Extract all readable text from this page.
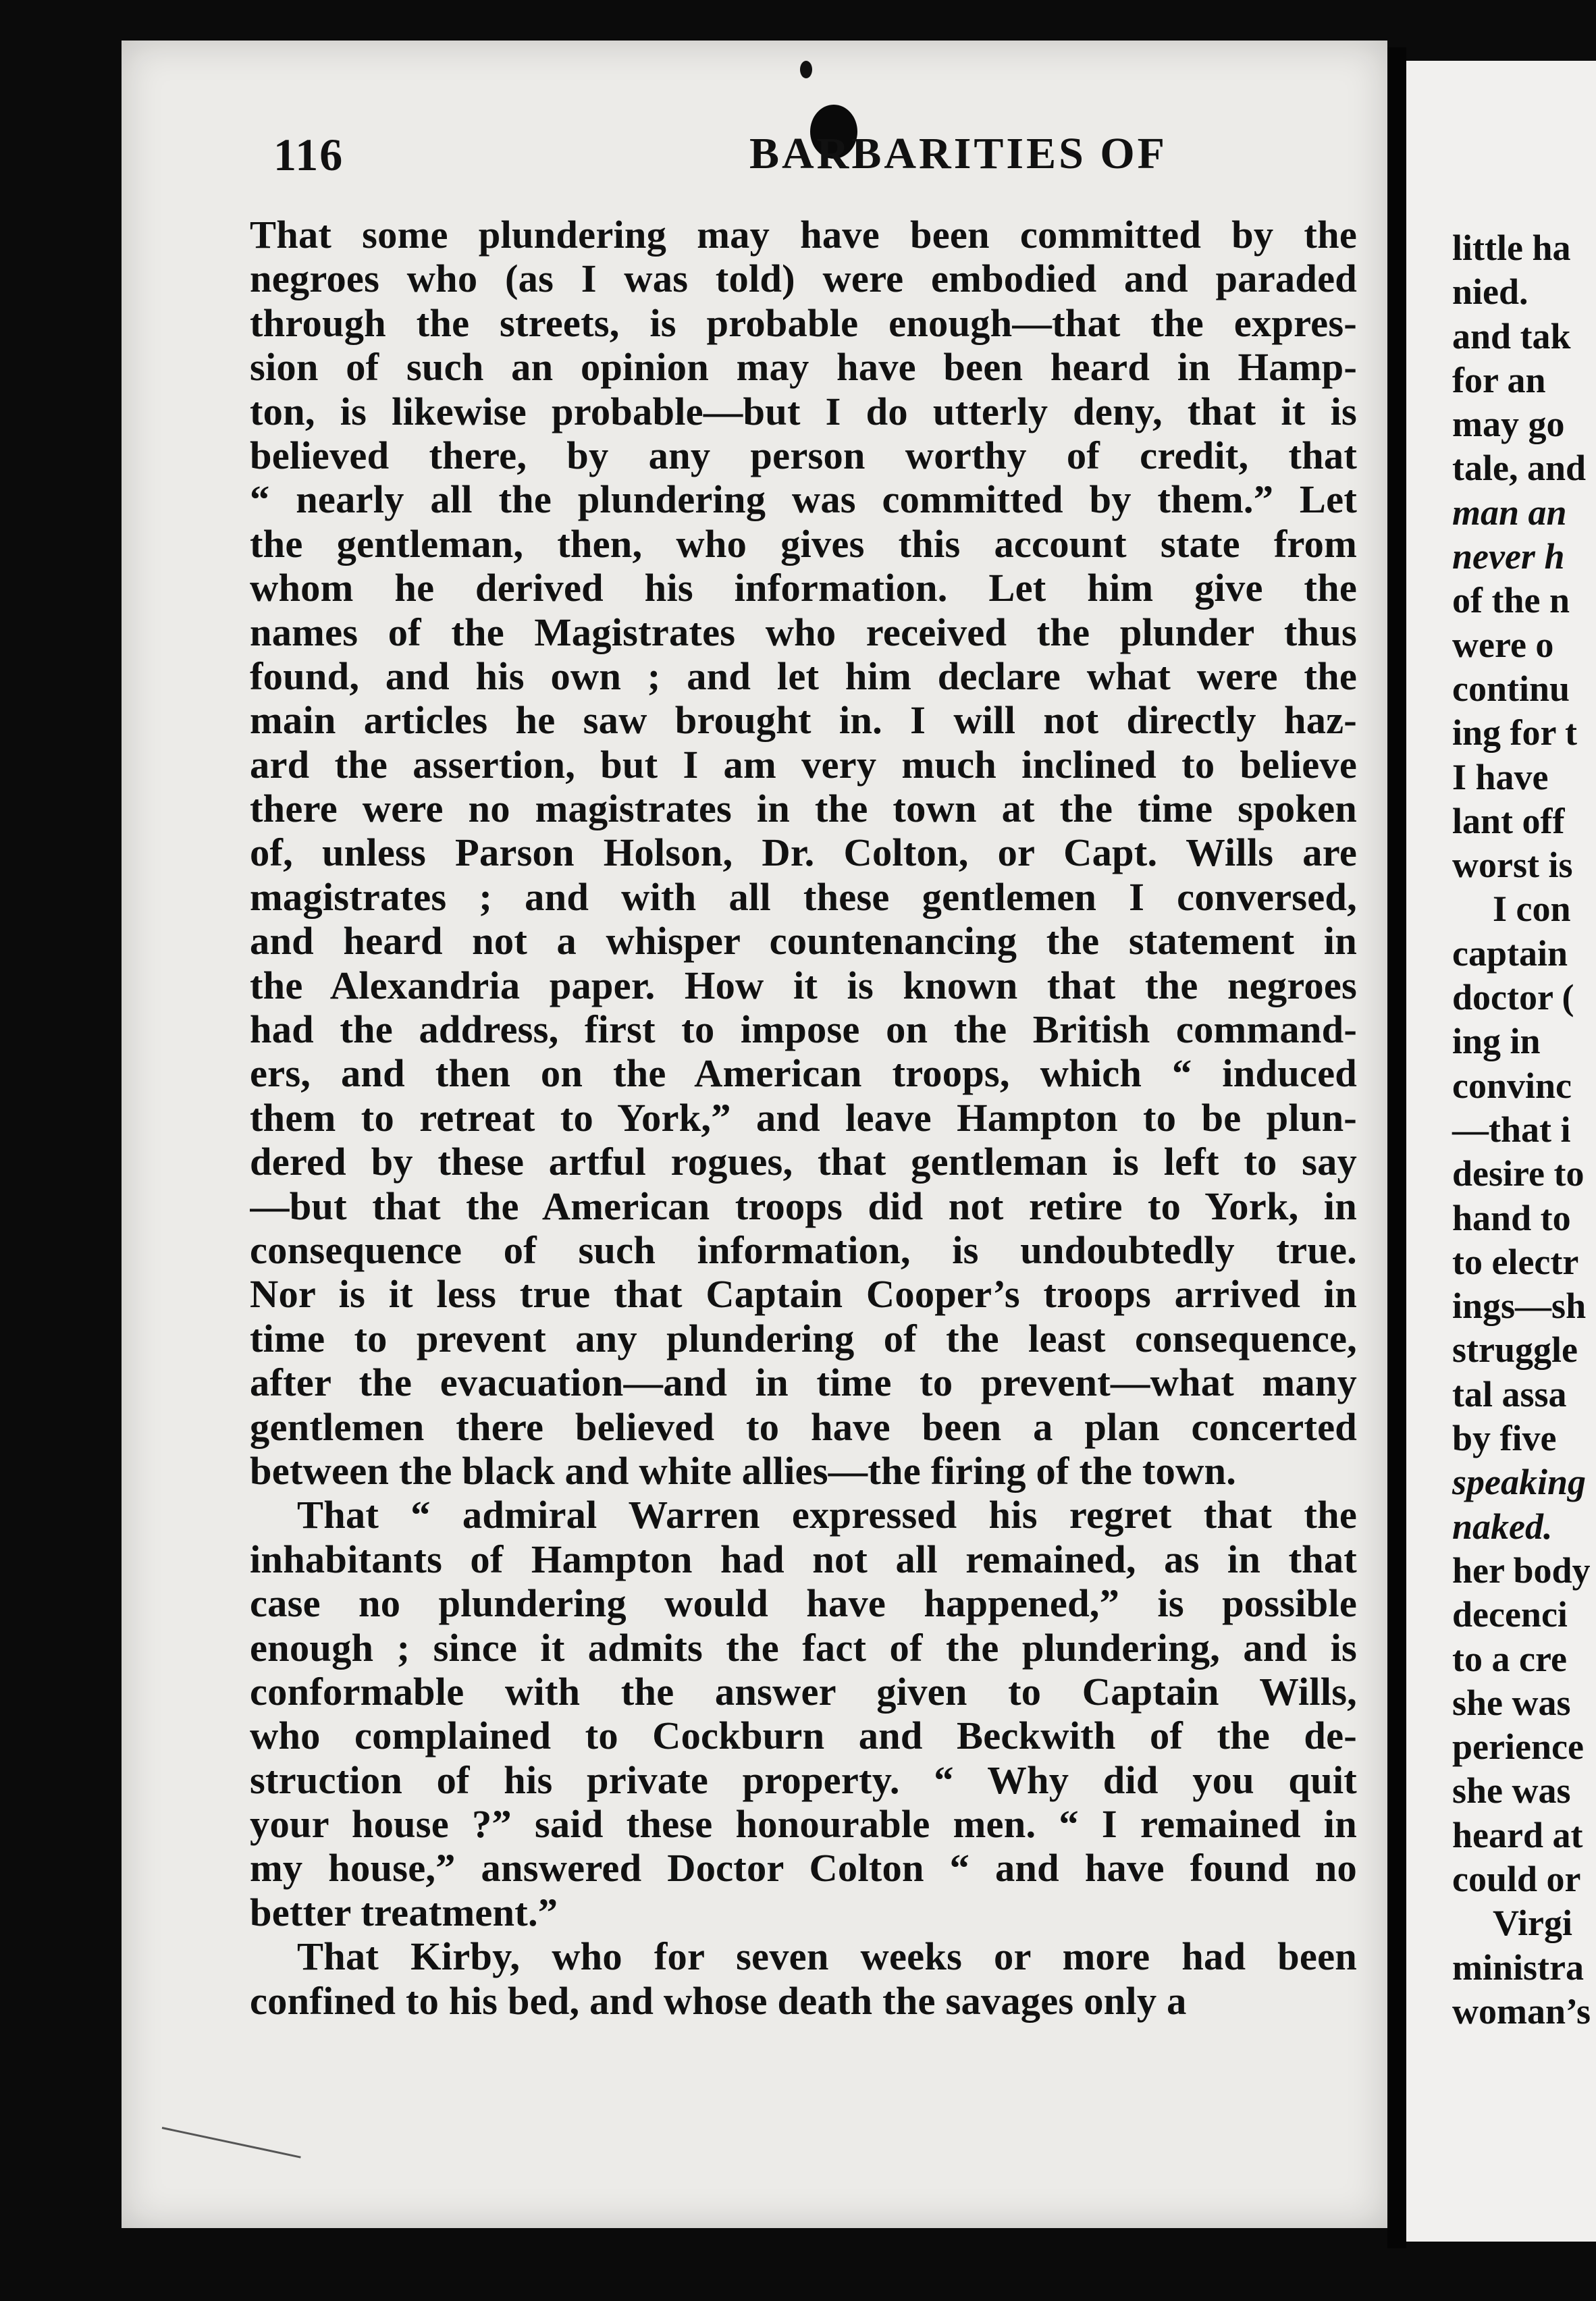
116	BARBARITIES OF
That some plundering may have been committed by the
negroes who (as I was told) were embodied and paraded
through the streets, is probable enough—that the expres-
sion of such an opinion may have been heard in Hamp-
ton, is likewise probable—but I do utterly deny, that it is
believed there, by any person worthy of credit, that
“ nearly all the plundering was committed by them.” Let
the gentleman, then, who gives this account state from
whom he derived his information. Let him give the
names of the Magistrates who received the plunder thus
found, and his own ; and let him declare what were the
main articles he saw brought in. I will not directly haz-
ard the assertion, but I am very much inclined to believe
there were no magistrates in the town at the time spoken
of, unless Parson Holson, Dr. Colton, or Capt. Wills are
magistrates ; and with all these gentlemen I conversed,
and heard not a whisper countenancing the statement in
the Alexandria paper. How it is known that the negroes
had the address, first to impose on the British command-
ers, and then on the American troops, which “ induced
them to retreat to York,” and leave Hampton to be plun-
dered by these artful rogues, that gentleman is left to say
—but that the American troops did not retire to York, in
consequence of such information, is undoubtedly true.
Nor is it less true that Captain Cooper’s troops arrived in
time to prevent any plundering of the least consequence,
after the evacuation—and in time to prevent—what many
gentlemen there believed to have been a plan concerted
between the black and white allies—the firing of the town.
That “ admiral Warren expressed his regret that the
inhabitants of Hampton had not all remained, as in that
case no plundering would have happened,” is possible
enough ; since it admits the fact of the plundering, and is
conformable with the answer given to Captain Wills,
who complained to Cockburn and Beckwith of the de-
struction of his private property. “ Why did you quit
your house ?” said these honourable men. “ I remained in
my house,” answered Doctor Colton “ and have found no
better treatment.”
That Kirby, who for seven weeks or more had been
confined to his bed, and whose death the savages only a
little ha
nied.
and tak
for an
may go
tale, and
man an
never h
of the n
were o
continu
ing for t
I have
lant off
worst is
I con
captain
doctor (
ing in
convinc
—that i
desire to
hand to
to electr
ings—sh
struggle
tal assa
by five
speaking
naked.
her body
decenci
to a cre
she was
perience
she was
heard at
could or
Virgi
ministra
woman’s
